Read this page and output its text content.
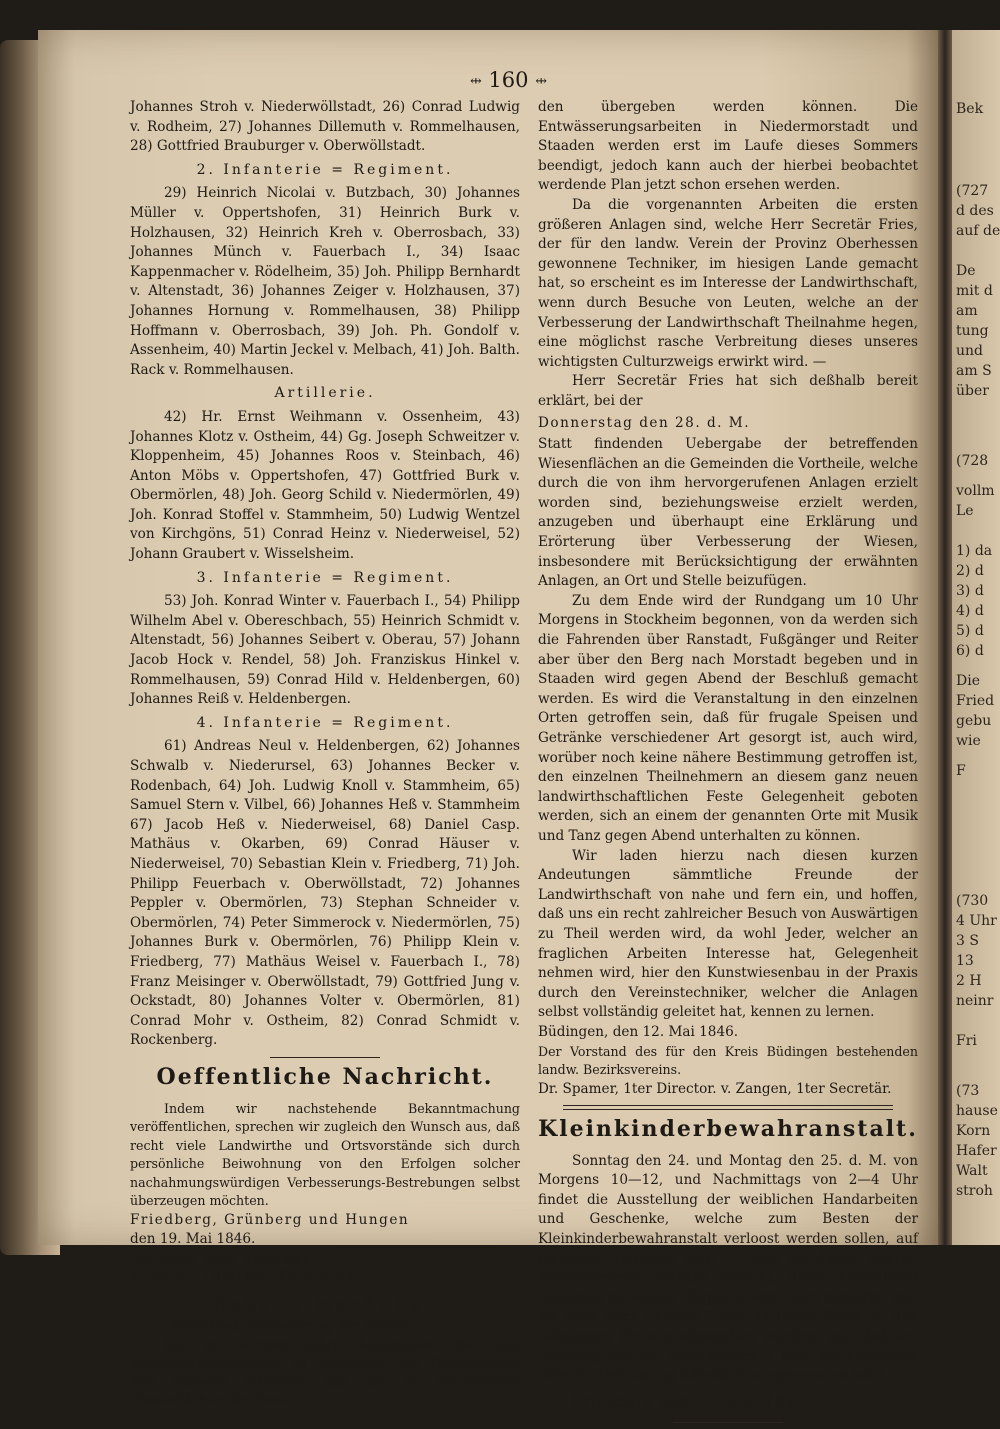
Bek
(727
d des
auf de
De
mit d
am
tung
und
am S
über
(728
vollm
Le
1) da
2) d
3) d
4) d
5) d
6) d
Die
Fried
gebu
wie
F
(730
4 Uhr
3 S
13
2 H
neinr
Fri
(73
hause
Korn
Hafer
Walt
stroh
⇹ 160 ⇹

Johannes Stroh v. Niederwöllstadt, 26) Conrad Ludwig v. Rodheim, 27) Johannes Dillemuth v. Rommelhausen, 28) Gottfried Brauburger v. Oberwöllstadt.

2. Infanterie = Regiment.

29) Heinrich Nicolai v. Butzbach, 30) Johannes Müller v. Oppertshofen, 31) Heinrich Burk v. Holzhausen, 32) Heinrich Kreh v. Oberrosbach, 33) Johannes Münch v. Fauerbach I., 34) Isaac Kappenmacher v. Rödelheim, 35) Joh. Philipp Bernhardt v. Altenstadt, 36) Johannes Zeiger v. Holzhausen, 37) Johannes Hornung v. Rommelhausen, 38) Philipp Hoffmann v. Oberrosbach, 39) Joh. Ph. Gondolf v. Assenheim, 40) Martin Jeckel v. Melbach, 41) Joh. Balth. Rack v. Rommelhausen.

Artillerie.

42) Hr. Ernst Weihmann v. Ossenheim, 43) Johannes Klotz v. Ostheim, 44) Gg. Joseph Schweitzer v. Kloppenheim, 45) Johannes Roos v. Steinbach, 46) Anton Möbs v. Oppertshofen, 47) Gottfried Burk v. Obermörlen, 48) Joh. Georg Schild v. Niedermörlen, 49) Joh. Konrad Stoffel v. Stammheim, 50) Ludwig Wentzel von Kirchgöns, 51) Conrad Heinz v. Niederweisel, 52) Johann Graubert v. Wisselsheim.

3. Infanterie = Regiment.

53) Joh. Konrad Winter v. Fauerbach I., 54) Philipp Wilhelm Abel v. Obereschbach, 55) Heinrich Schmidt v. Altenstadt, 56) Johannes Seibert v. Oberau, 57) Johann Jacob Hock v. Rendel, 58) Joh. Franziskus Hinkel v. Rommelhausen, 59) Conrad Hild v. Heldenbergen, 60) Johannes Reiß v. Heldenbergen.

4. Infanterie = Regiment.

61) Andreas Neul v. Heldenbergen, 62) Johannes Schwalb v. Niederursel, 63) Johannes Becker v. Rodenbach, 64) Joh. Ludwig Knoll v. Stammheim, 65) Samuel Stern v. Vilbel, 66) Johannes Heß v. Stammheim 67) Jacob Heß v. Niederweisel, 68) Daniel Casp. Mathäus v. Okarben, 69) Conrad Häuser v. Niederweisel, 70) Sebastian Klein v. Friedberg, 71) Joh. Philipp Feuerbach v. Oberwöllstadt, 72) Johannes Peppler v. Obermörlen, 73) Stephan Schneider v. Obermörlen, 74) Peter Simmerock v. Niedermörlen, 75) Johannes Burk v. Obermörlen, 76) Philipp Klein v. Friedberg, 77) Mathäus Weisel v. Fauerbach I., 78) Franz Meisinger v. Oberwöllstadt, 79) Gottfried Jung v. Ockstadt, 80) Johannes Volter v. Obermörlen, 81) Conrad Mohr v. Ostheim, 82) Conrad Schmidt v. Rockenberg.

Oeffentliche Nachricht.

Indem wir nachstehende Bekanntmachung veröffentlichen, sprechen wir zugleich den Wunsch aus, daß recht viele Landwirthe und Ortsvorstände sich durch persönliche Beiwohnung von den Erfolgen solcher nachahmungswürdigen Verbesserungs-Bestrebungen selbst überzeugen möchten.

Friedberg, Grünberg und Hungen

den 19. Mai 1846.

Die Großh. Hess. Kreisräthe

Küchler. Ouvrier. Follenius.

Bekanntmachung.

Betreffend: Verbesserung der Wiesen.

Die im vorigen Jahre begonnenen Be- und Entwässerungsarbeiten zu Stockheim und Obermorstadt sind insoweit vollendet, daß die sie betreffenden Wiesenflächen den Gemein-

den übergeben werden können. Die Entwässerungsarbeiten in Niedermorstadt und Staaden werden erst im Laufe dieses Sommers beendigt, jedoch kann auch der hierbei beobachtet werdende Plan jetzt schon ersehen werden.

Da die vorgenannten Arbeiten die ersten größeren Anlagen sind, welche Herr Secretär Fries, der für den landw. Verein der Provinz Oberhessen gewonnene Techniker, im hiesigen Lande gemacht hat, so erscheint es im Interesse der Landwirthschaft, wenn durch Besuche von Leuten, welche an der Verbesserung der Landwirthschaft Theilnahme hegen, eine möglichst rasche Verbreitung dieses unseres wichtigsten Culturzweigs erwirkt wird. —

Herr Secretär Fries hat sich deßhalb bereit erklärt, bei der

Donnerstag den 28. d. M.

Statt findenden Uebergabe der betreffenden Wiesenflächen an die Gemeinden die Vortheile, welche durch die von ihm hervorgerufenen Anlagen erzielt worden sind, beziehungsweise erzielt werden, anzugeben und überhaupt eine Erklärung und Erörterung über Verbesserung der Wiesen, insbesondere mit Berücksichtigung der erwähnten Anlagen, an Ort und Stelle beizufügen.

Zu dem Ende wird der Rundgang um 10 Uhr Morgens in Stockheim begonnen, von da werden sich die Fahrenden über Ranstadt, Fußgänger und Reiter aber über den Berg nach Morstadt begeben und in Staaden wird gegen Abend der Beschluß gemacht werden. Es wird die Veranstaltung in den einzelnen Orten getroffen sein, daß für frugale Speisen und Getränke verschiedener Art gesorgt ist, auch wird, worüber noch keine nähere Bestimmung getroffen ist, den einzelnen Theilnehmern an diesem ganz neuen landwirthschaftlichen Feste Gelegenheit geboten werden, sich an einem der genannten Orte mit Musik und Tanz gegen Abend unterhalten zu können.

Wir laden hierzu nach diesen kurzen Andeutungen sämmtliche Freunde der Landwirthschaft von nahe und fern ein, und hoffen, daß uns ein recht zahlreicher Besuch von Auswärtigen zu Theil werden wird, da wohl Jeder, welcher an fraglichen Arbeiten Interesse hat, Gelegenheit nehmen wird, hier den Kunstwiesenbau in der Praxis durch den Vereinstechniker, welcher die Anlagen selbst vollständig geleitet hat, kennen zu lernen.

Büdingen, den 12. Mai 1846.

Der Vorstand des für den Kreis Büdingen bestehenden landw. Bezirksvereins.

Dr. Spamer, 1ter Director. v. Zangen, 1ter Secretär.

Kleinkinderbewahranstalt.

Sonntag den 24. und Montag den 25. d. M. von Morgens 10—12, und Nachmittags von 2—4 Uhr findet die Ausstellung der weiblichen Handarbeiten und Geschenke, welche zum Besten der Kleinkinderbewahranstalt verloost werden sollen, auf hiesigem Rathause statt. — Alle an dieser Anstalt Theilnehmende werden ersucht, diese Ausstellung besuchen zu wollen. Zugleich wird noch bemerkt, daß die etwa noch übrigen Loose an jenen Tagen zu den bekannten Preisen abgegeben werden, und daß am Dienstag den 26. Nachmittags 2 Uhr, am nemlichen Orte die Verloosung öffentlich vorgenommen wird.

Friedberg den 18. Mai 1846.
